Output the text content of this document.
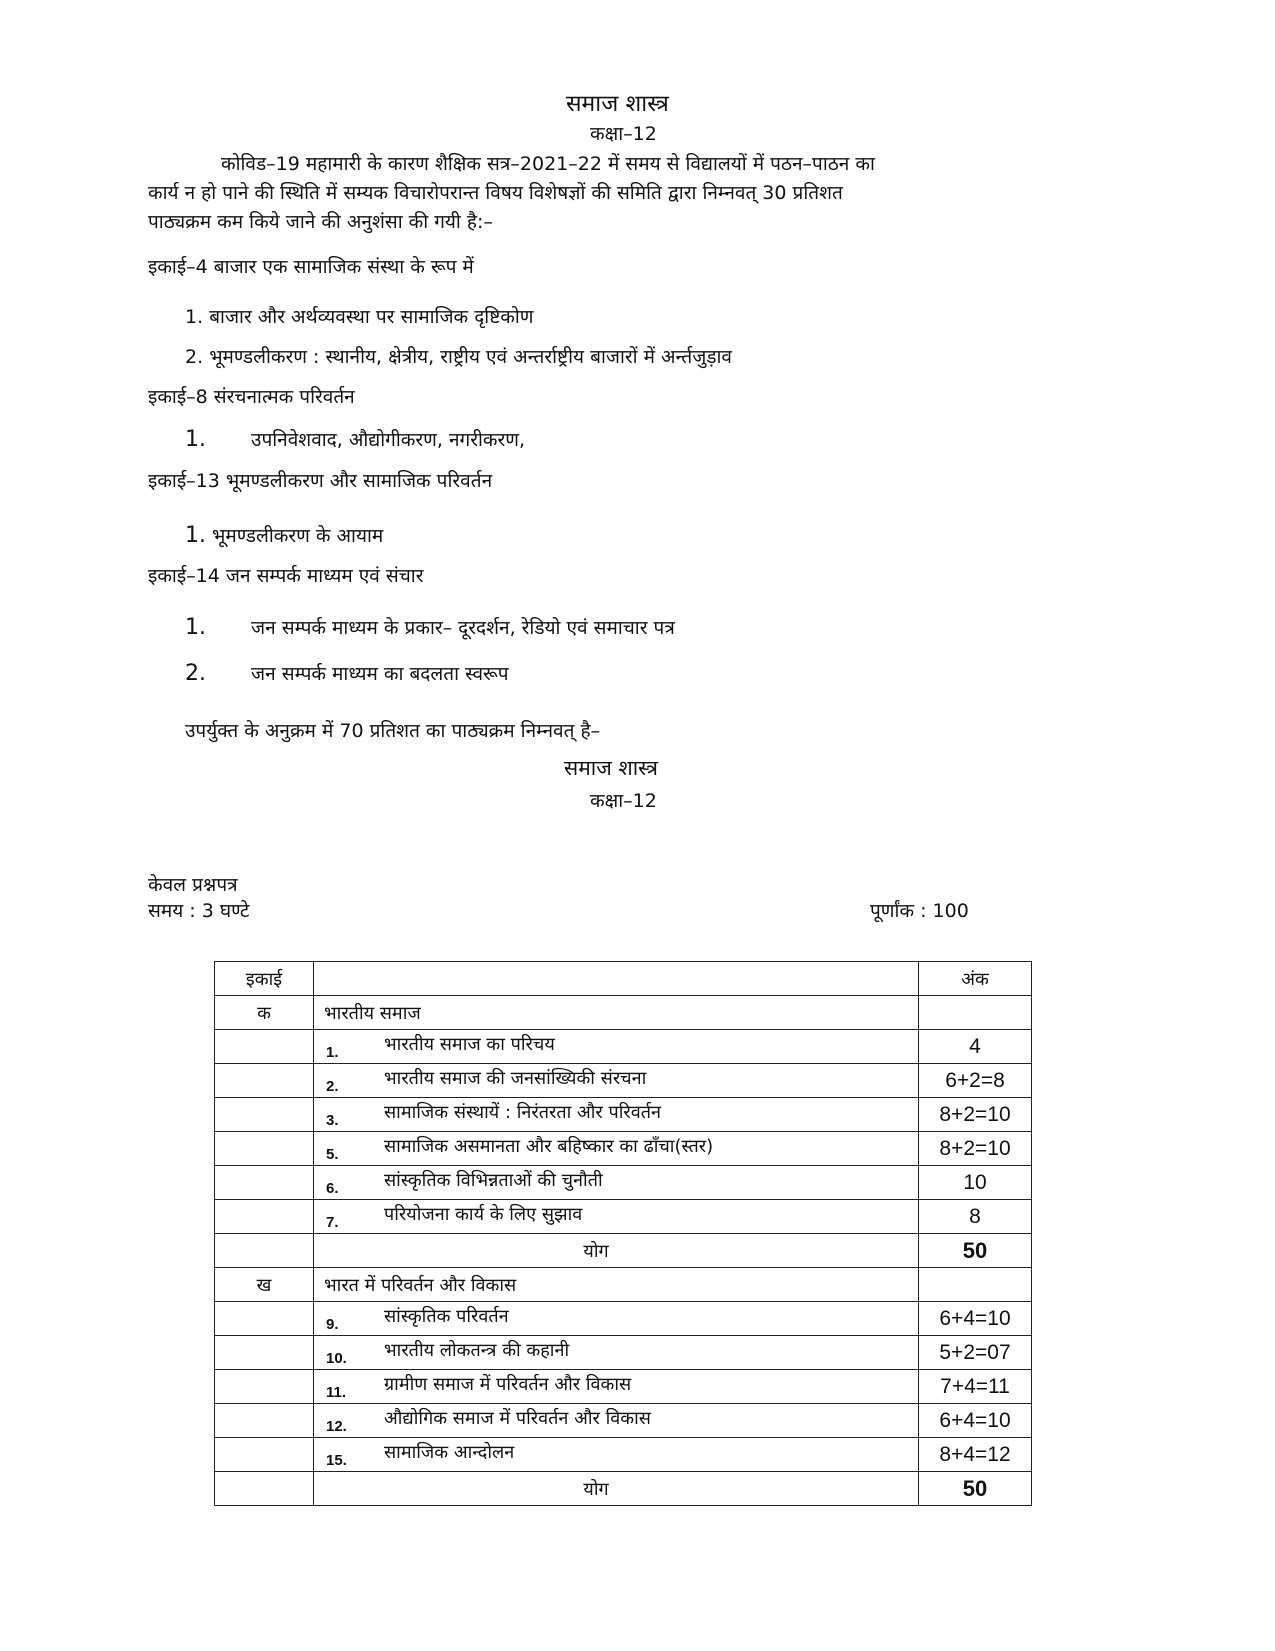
समाज शास्त्र
कक्षा–12
कोविड–19 महामारी के कारण शैक्षिक सत्र–2021–22 में समय से विद्यालयों में पठन–पाठन का
कार्य न हो पाने की स्थिति में सम्यक विचारोपरान्त विषय विशेषज्ञों की समिति द्वारा निम्नवत् 30 प्रतिशत
पाठ्यक्रम कम किये जाने की अनुशंसा की गयी है:–
इकाई–4 बाजार एक सामाजिक संस्था के रूप में
1. बाजार और अर्थव्यवस्था पर सामाजिक दृष्टिकोण
2. भूमण्डलीकरण : स्थानीय, क्षेत्रीय, राष्ट्रीय एवं अन्तर्राष्ट्रीय बाजारों में अर्न्तजुड़ाव
इकाई–8 संरचनात्मक परिवर्तन
1. उपनिवेशवाद, औद्योगीकरण, नगरीकरण,
इकाई–13 भूमण्डलीकरण और सामाजिक परिवर्तन
1. भूमण्डलीकरण के आयाम
इकाई–14 जन सम्पर्क माध्यम एवं संचार
1. जन सम्पर्क माध्यम के प्रकार– दूरदर्शन, रेडियो एवं समाचार पत्र
2. जन सम्पर्क माध्यम का बदलता स्वरूप
उपर्युक्त के अनुक्रम में 70 प्रतिशत का पाठ्यक्रम निम्नवत् है–
समाज शास्त्र
कक्षा–12
केवल प्रश्नपत्र
समय : 3 घण्टे	पूर्णांक : 100
इकाई		अंक
क	भारतीय समाज	

	1. भारतीय समाज का परिचय	4

	2. भारतीय समाज की जनसांख्यिकी संरचना	6+2=8

	3. सामाजिक संस्थायें : निरंतरता और परिवर्तन	8+2=10

	5. सामाजिक असमानता और बहिष्कार का ढाँचा(स्तर)	8+2=10

	6. सांस्कृतिक विभिन्नताओं की चुनौती	10

	7. परियोजना कार्य के लिए सुझाव	8

	योग	50
ख	भारत में परिवर्तन और विकास	

	9. सांस्कृतिक परिवर्तन	6+4=10

	10. भारतीय लोकतन्त्र की कहानी	5+2=07

	11. ग्रामीण समाज में परिवर्तन और विकास	7+4=11

	12. औद्योगिक समाज में परिवर्तन और विकास	6+4=10

	15. सामाजिक आन्दोलन	8+4=12

	योग	50
